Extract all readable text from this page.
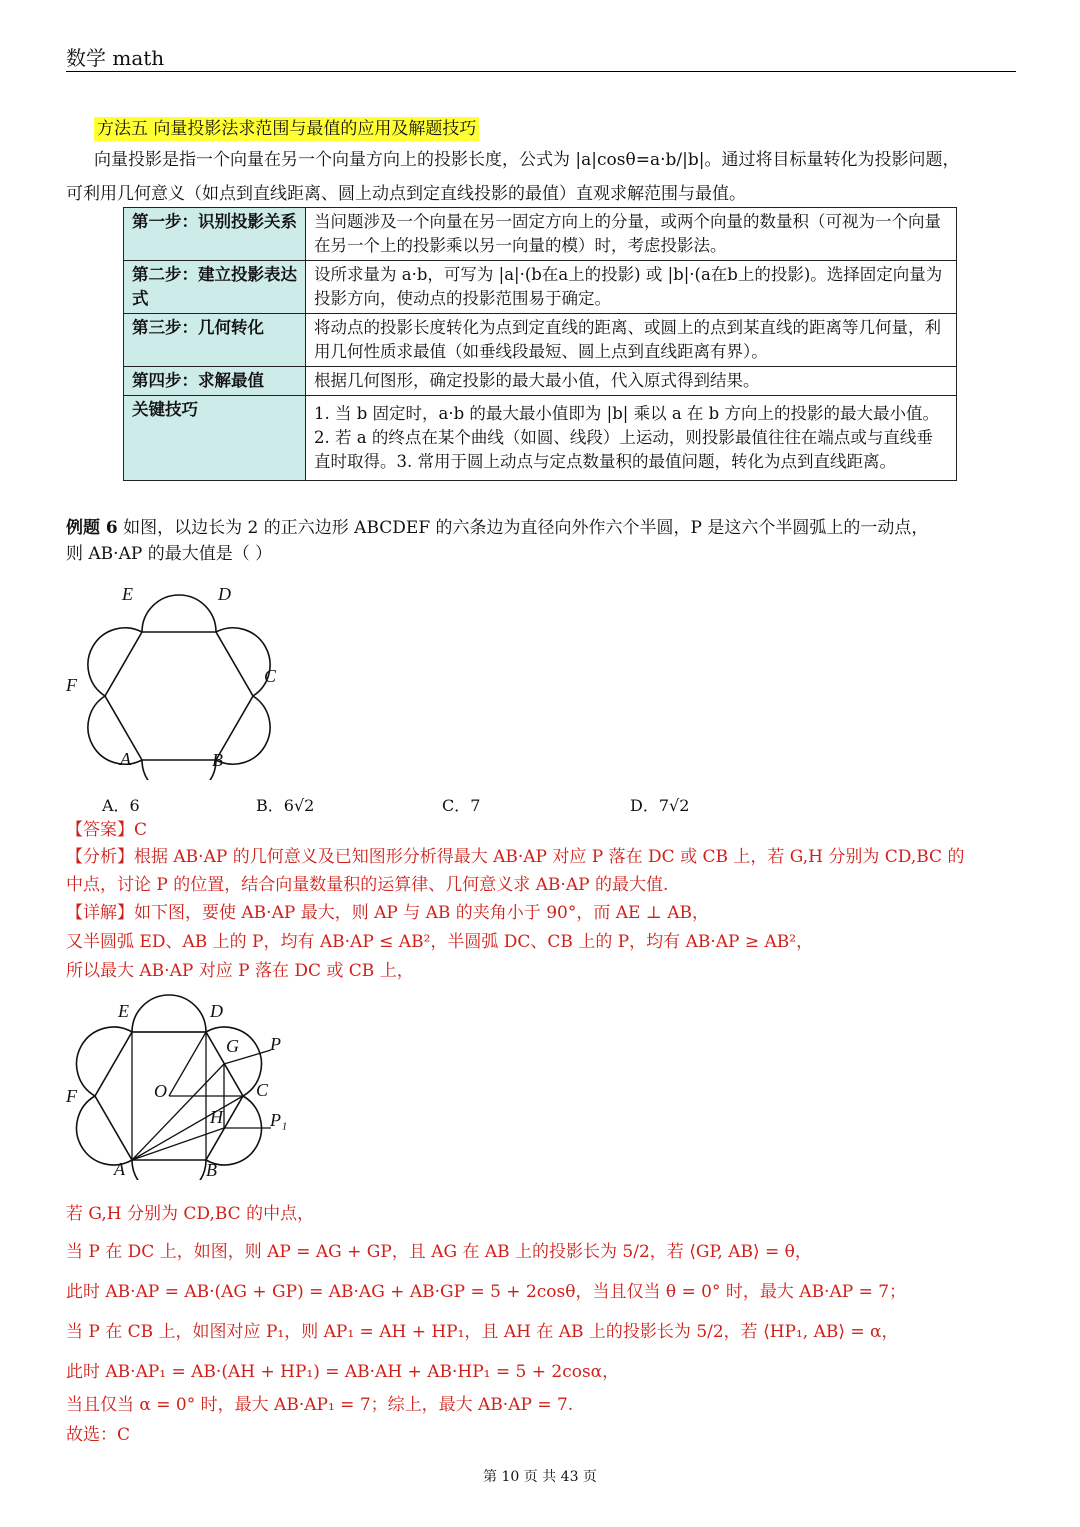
数学 math
方法五 向量投影法求范围与最值的应用及解题技巧
向量投影是指一个向量在另一个向量方向上的投影长度，公式为 |a|cosθ=a·b/|b|。通过将目标量转化为投影问题，
可利用几何意义（如点到直线距离、圆上动点到定直线投影的最值）直观求解范围与最值。
第一步：识别投影关系	当问题涉及一个向量在另一固定方向上的分量，或两个向量的数量积（可视为一个向量在另一个上的投影乘以另一向量的模）时，考虑投影法。
第二步：建立投影表达式	设所求量为 a·b，可写为 |a|·(b在a上的投影) 或 |b|·(a在b上的投影)。选择固定向量为投影方向，使动点的投影范围易于确定。
第三步：几何转化	将动点的投影长度转化为点到定直线的距离、或圆上的点到某直线的距离等几何量，利用几何性质求最值（如垂线段最短、圆上点到直线距离有界）。
第四步：求解最值	根据几何图形，确定投影的最大最小值，代入原式得到结果。
关键技巧	1. 当 b 固定时，a·b 的最大最小值即为 |b| 乘以 a 在 b 方向上的投影的最大最小值。2. 若 a 的终点在某个曲线（如圆、线段）上运动，则投影最值往往在端点或与直线垂直时取得。3. 常用于圆上动点与定点数量积的最值问题，转化为点到直线距离。
例题 6 如图，以边长为 2 的正六边形 ABCDEF 的六条边为直径向外作六个半圆，P 是这六个半圆弧上的一动点，
则 AB·AP 的最大值是（ ）
A	B
C
D
E
F
A．6	B．6√2	C．7	D．7√2
【答案】C
【分析】根据 AB·AP 的几何意义及已知图形分析得最大 AB·AP 对应 P 落在 DC 或 CB 上，若 G,H 分别为 CD,BC 的
中点，讨论 P 的位置，结合向量数量积的运算律、几何意义求 AB·AP 的最大值.
【详解】如下图，要使 AB·AP 最大，则 AP 与 AB 的夹角小于 90°，而 AE ⊥ AB，
又半圆弧 ED、AB 上的 P，均有 AB·AP ≤ AB²，半圆弧 DC、CB 上的 P，均有 AB·AP ≥ AB²，
所以最大 AB·AP 对应 P 落在 DC 或 CB 上，
A	B
C
D
E
F	O
G
H
P
P₁
若 G,H 分别为 CD,BC 的中点，
当 P 在 DC 上，如图，则 AP = AG + GP，且 AG 在 AB 上的投影长为 5/2，若 ⟨GP, AB⟩ = θ，
此时 AB·AP = AB·(AG + GP) = AB·AG + AB·GP = 5 + 2cosθ，当且仅当 θ = 0° 时，最大 AB·AP = 7；
当 P 在 CB 上，如图对应 P₁，则 AP₁ = AH + HP₁，且 AH 在 AB 上的投影长为 5/2，若 ⟨HP₁, AB⟩ = α，
此时 AB·AP₁ = AB·(AH + HP₁) = AB·AH + AB·HP₁ = 5 + 2cosα，
当且仅当 α = 0° 时，最大 AB·AP₁ = 7；综上，最大 AB·AP = 7.
故选：C
第 10 页 共 43 页
